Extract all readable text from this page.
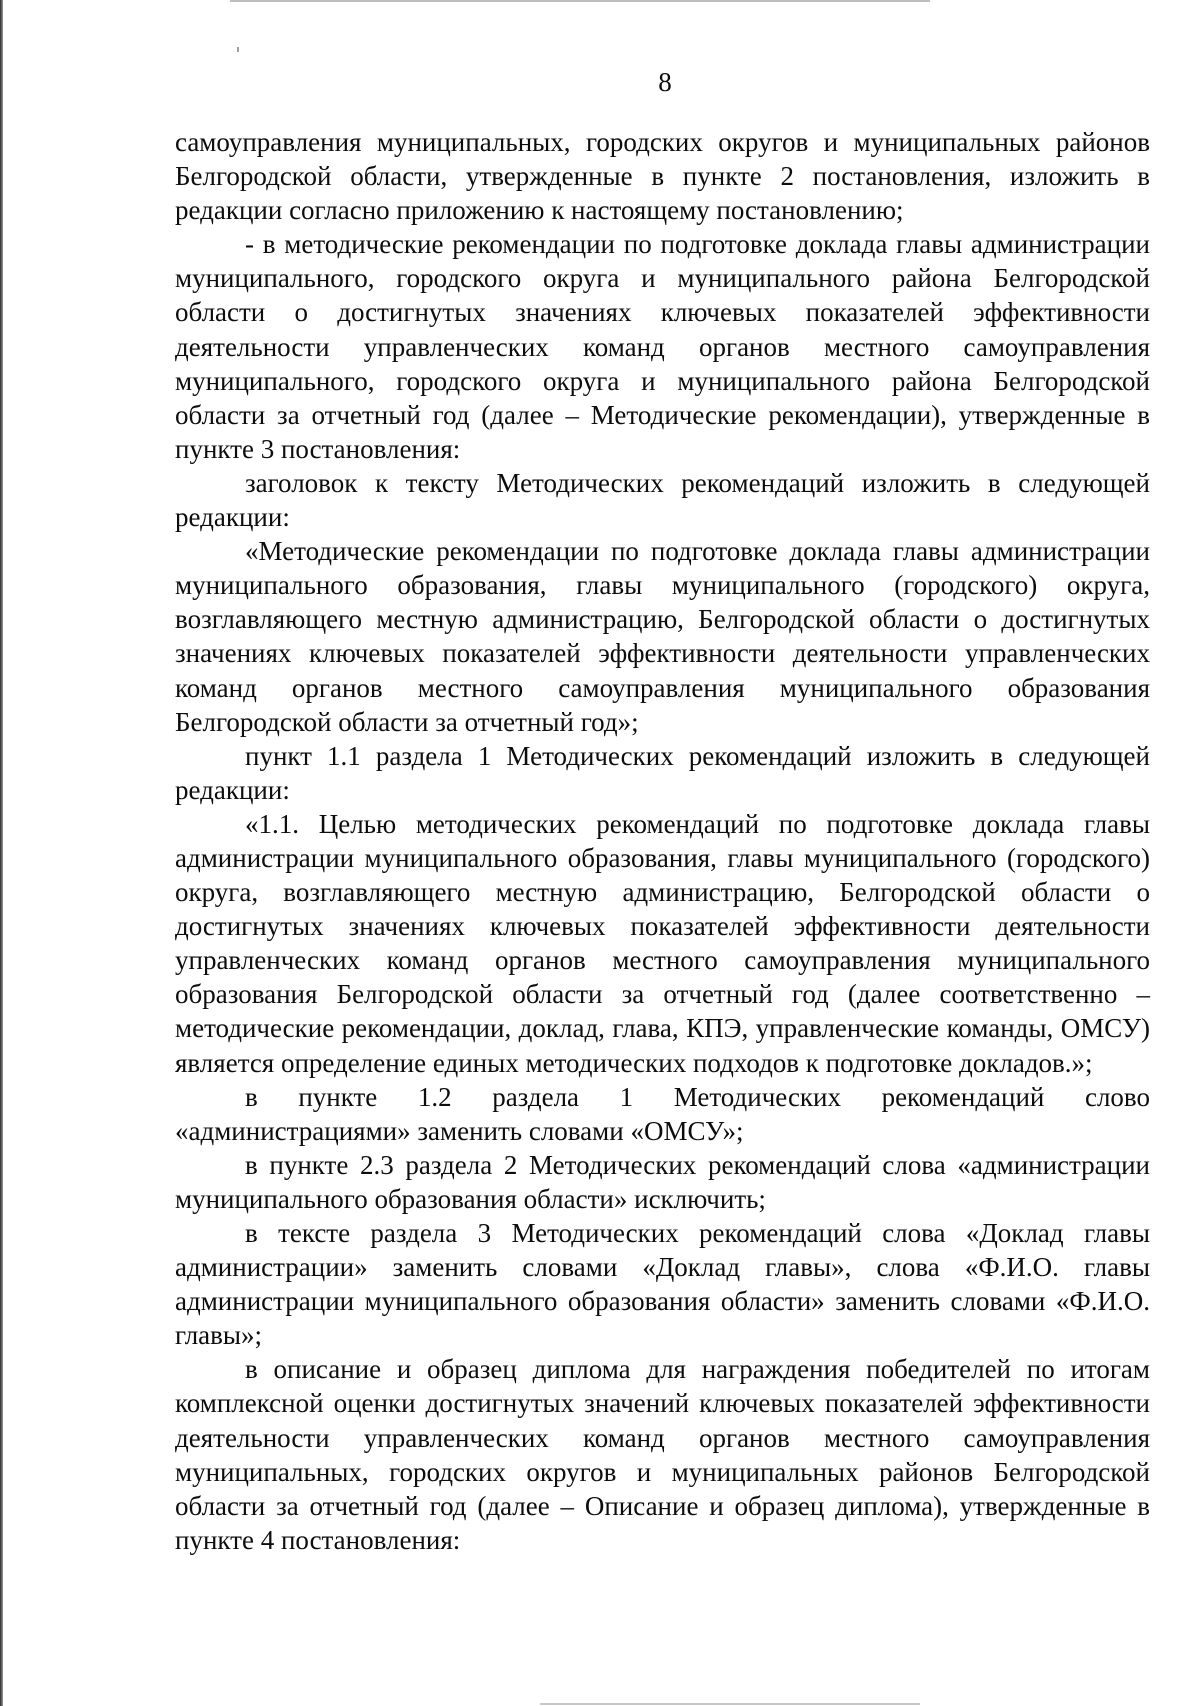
8

самоуправления муниципальных, городских округов и муниципальных районов Белгородской области, утвержденные в пункте 2 постановления, изложить в редакции согласно приложению к настоящему постановлению;

- в методические рекомендации по подготовке доклада главы администрации муниципального, городского округа и муниципального района Белгородской области о достигнутых значениях ключевых показателей эффективности деятельности управленческих команд органов местного самоуправления муниципального, городского округа и муниципального района Белгородской области за отчетный год (далее – Методические рекомендации), утвержденные в пункте 3 постановления:

заголовок к тексту Методических рекомендаций изложить в следующей редакции:

«Методические рекомендации по подготовке доклада главы администрации муниципального образования, главы муниципального (городского) округа, возглавляющего местную администрацию, Белгородской области о достигнутых значениях ключевых показателей эффективности деятельности управленческих команд органов местного самоуправления муниципального образования Белгородской области за отчетный год»;

пункт 1.1 раздела 1 Методических рекомендаций изложить в следующей редакции:

«1.1. Целью методических рекомендаций по подготовке доклада главы администрации муниципального образования, главы муниципального (городского) округа, возглавляющего местную администрацию, Белгородской области о достигнутых значениях ключевых показателей эффективности деятельности управленческих команд органов местного самоуправления муниципального образования Белгородской области за отчетный год (далее соответственно – методические рекомендации, доклад, глава, КПЭ, управленческие команды, ОМСУ) является определение единых методических подходов к подготовке докладов.»;

в пункте 1.2 раздела 1 Методических рекомендаций слово «администрациями» заменить словами «ОМСУ»;

в пункте 2.3 раздела 2 Методических рекомендаций слова «администрации муниципального образования области» исключить;

в тексте раздела 3 Методических рекомендаций слова «Доклад главы администрации» заменить словами «Доклад главы», слова «Ф.И.О. главы администрации муниципального образования области» заменить словами «Ф.И.О. главы»;

в описание и образец диплома для награждения победителей по итогам комплексной оценки достигнутых значений ключевых показателей эффективности деятельности управленческих команд органов местного самоуправления муниципальных, городских округов и муниципальных районов Белгородской области за отчетный год (далее – Описание и образец диплома), утвержденные в пункте 4 постановления:
